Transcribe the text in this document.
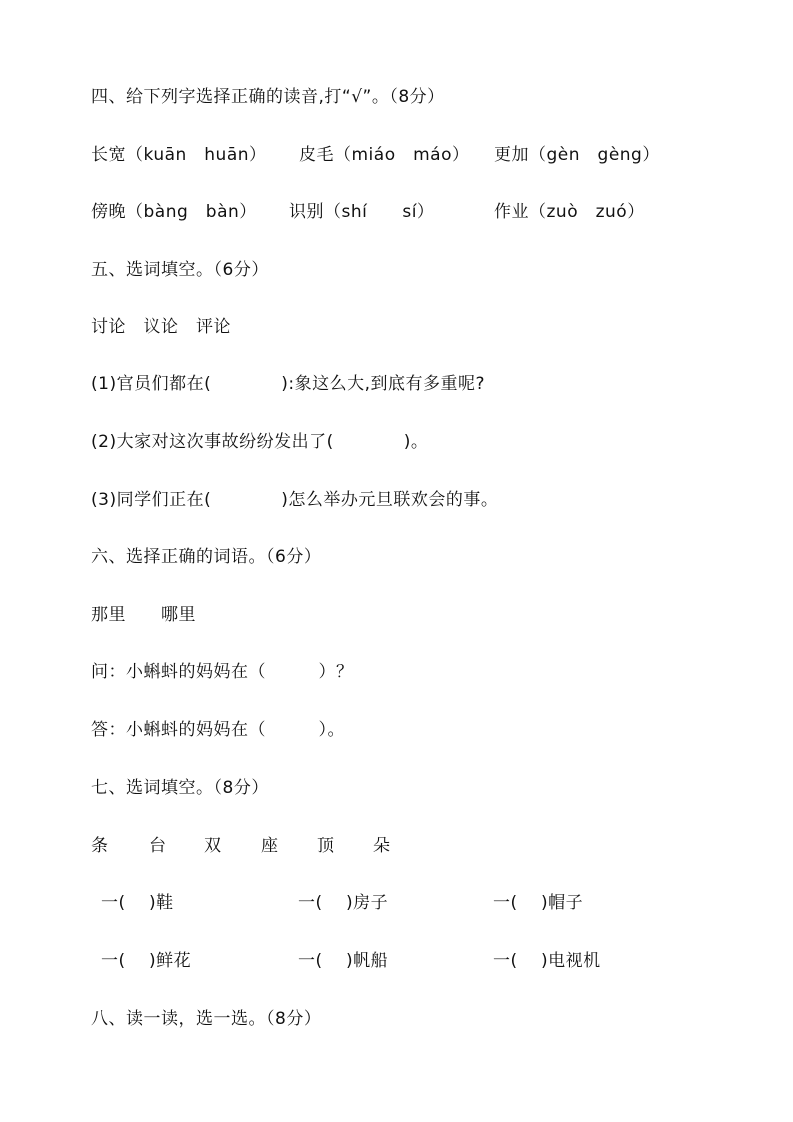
四、给下列字选择正确的读音,打“√”。（8分）
长宽（kuān　huān） 皮毛（miáo　máo） 更加（gèn　gèng）
傍晚（bàng　bàn） 识别（shí　　sí）	作业（zuò　zuó）
五、选词填空。（6分）
讨论　议论　评论
(1)官员们都在(　　　　):象这么大,到底有多重呢?
(2)大家对这次事故纷纷发出了(　　　　)。
(3)同学们正在(　　　　)怎么举办元旦联欢会的事。
六、选择正确的词语。（6分）
那里　　哪里
问：小蝌蚪的妈妈在（　　　）？
答：小蝌蚪的妈妈在（　　　）。
七、选词填空。（8分）
条 台 双 座 顶 朵
一(　 )鞋	一(　 )房子	一(　 )帽子
一(　 )鲜花	一(　 )帆船	一(　 )电视机
八、读一读，选一选。（8分）
